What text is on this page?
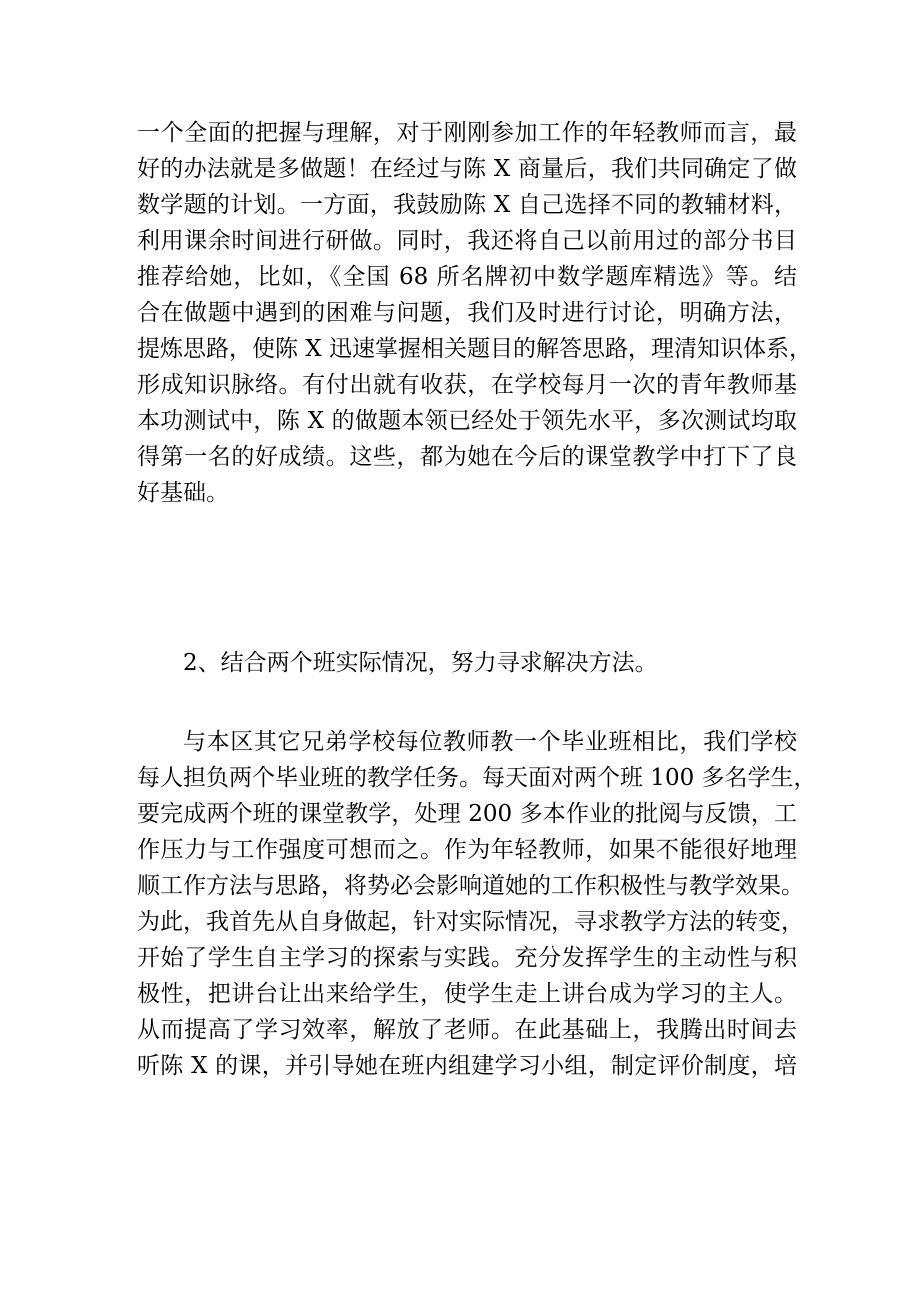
一个全面的把握与理解，对于刚刚参加工作的年轻教师而言，最
好的办法就是多做题！在经过与陈 X 商量后，我们共同确定了做
数学题的计划。一方面，我鼓励陈 X 自己选择不同的教辅材料，
利用课余时间进行研做。同时，我还将自己以前用过的部分书目
推荐给她，比如，《全国 68 所名牌初中数学题库精选》等。结
合在做题中遇到的困难与问题，我们及时进行讨论，明确方法，
提炼思路，使陈 X 迅速掌握相关题目的解答思路，理清知识体系，
形成知识脉络。有付出就有收获，在学校每月一次的青年教师基
本功测试中，陈 X 的做题本领已经处于领先水平，多次测试均取
得第一名的好成绩。这些，都为她在今后的课堂教学中打下了良
好基础。
2、结合两个班实际情况，努力寻求解决方法。
与本区其它兄弟学校每位教师教一个毕业班相比，我们学校
每人担负两个毕业班的教学任务。每天面对两个班 100 多名学生，
要完成两个班的课堂教学，处理 200 多本作业的批阅与反馈，工
作压力与工作强度可想而之。作为年轻教师，如果不能很好地理
顺工作方法与思路，将势必会影响道她的工作积极性与教学效果。
为此，我首先从自身做起，针对实际情况，寻求教学方法的转变，
开始了学生自主学习的探索与实践。充分发挥学生的主动性与积
极性，把讲台让出来给学生，使学生走上讲台成为学习的主人。
从而提高了学习效率，解放了老师。在此基础上，我腾出时间去
听陈 X 的课，并引导她在班内组建学习小组，制定评价制度，培
